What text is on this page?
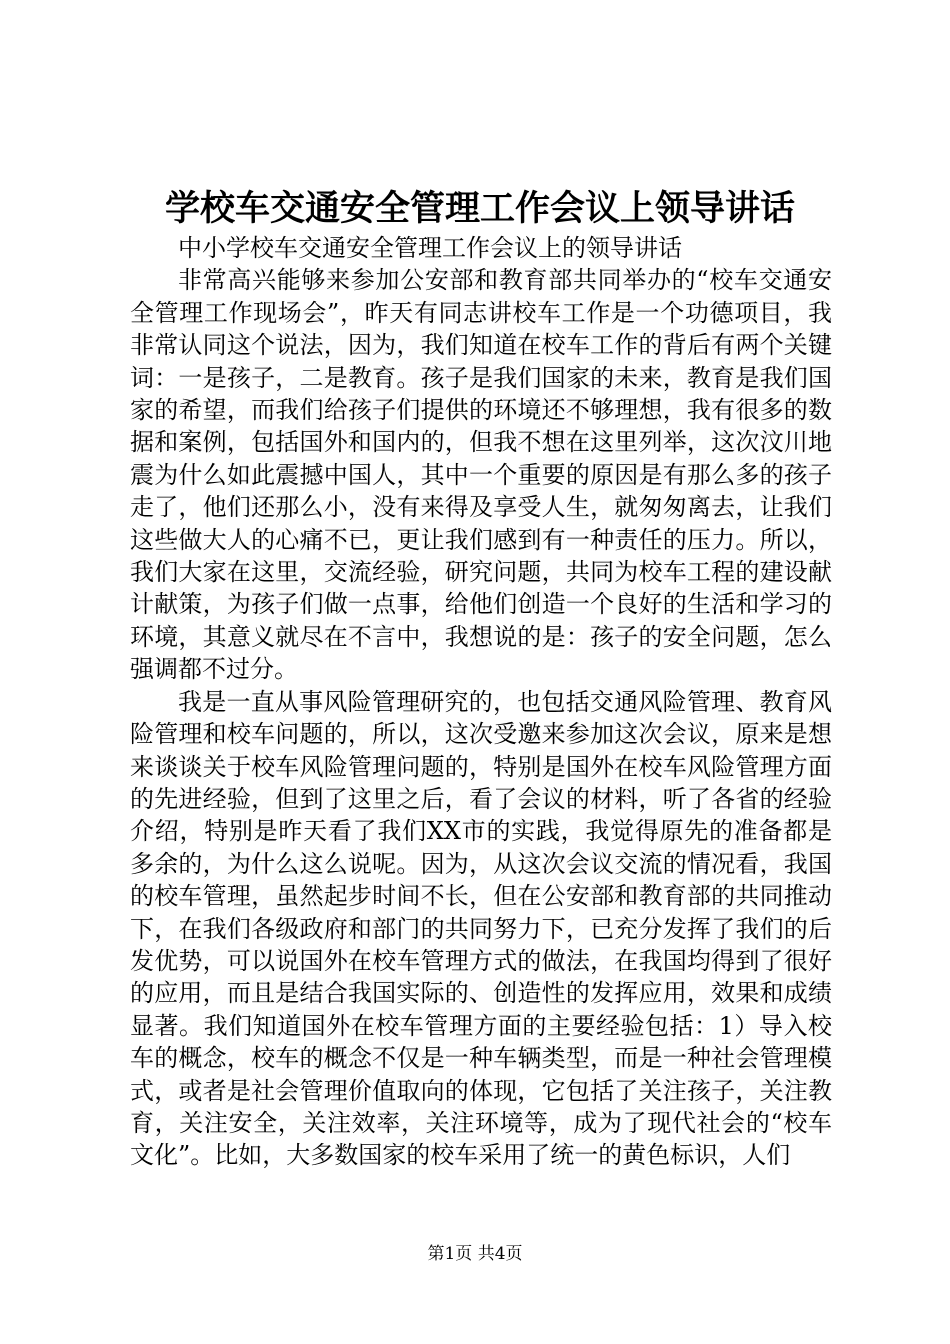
学校车交通安全管理工作会议上领导讲话

中小学校车交通安全管理工作会议上的领导讲话

非常高兴能够来参加公安部和教育部共同举办的“校车交通安全管理工作现场会”，昨天有同志讲校车工作是一个功德项目，我非常认同这个说法，因为，我们知道在校车工作的背后有两个关键词：一是孩子，二是教育。孩子是我们国家的未来，教育是我们国家的希望，而我们给孩子们提供的环境还不够理想，我有很多的数据和案例，包括国外和国内的，但我不想在这里列举，这次汶川地震为什么如此震撼中国人，其中一个重要的原因是有那么多的孩子走了，他们还那么小，没有来得及享受人生，就匆匆离去，让我们这些做大人的心痛不已，更让我们感到有一种责任的压力。所以，我们大家在这里，交流经验，研究问题，共同为校车工程的建设献计献策，为孩子们做一点事，给他们创造一个良好的生活和学习的环境，其意义就尽在不言中，我想说的是：孩子的安全问题，怎么强调都不过分。

我是一直从事风险管理研究的，也包括交通风险管理、教育风险管理和校车问题的，所以，这次受邀来参加这次会议，原来是想来谈谈关于校车风险管理问题的，特别是国外在校车风险管理方面的先进经验，但到了这里之后，看了会议的材料，听了各省的经验介绍，特别是昨天看了我们XX市的实践，我觉得原先的准备都是多余的，为什么这么说呢。因为，从这次会议交流的情况看，我国的校车管理，虽然起步时间不长，但在公安部和教育部的共同推动下，在我们各级政府和部门的共同努力下，已充分发挥了我们的后发优势，可以说国外在校车管理方式的做法，在我国均得到了很好的应用，而且是结合我国实际的、创造性的发挥应用，效果和成绩显著。我们知道国外在校车管理方面的主要经验包括：1）导入校车的概念，校车的概念不仅是一种车辆类型，而是一种社会管理模式，或者是社会管理价值取向的体现，它包括了关注孩子，关注教育，关注安全，关注效率，关注环境等，成为了现代社会的“校车文化”。比如，大多数国家的校车采用了统一的黄色标识，人们

第1页 共4页
